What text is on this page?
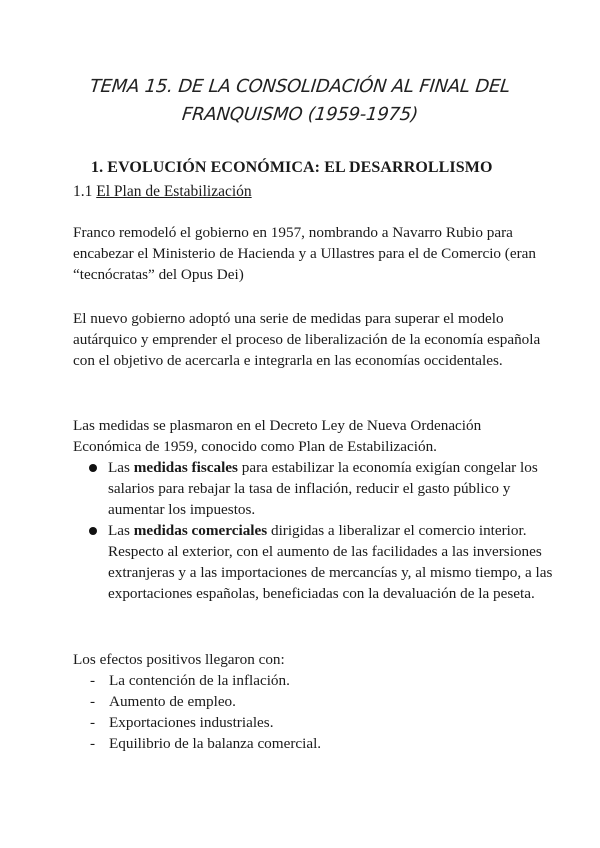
TEMA 15. DE LA CONSOLIDACIÓN AL FINAL DEL
FRANQUISMO (1959-1975)
1. EVOLUCIÓN ECONÓMICA: EL DESARROLLISMO
1.1 El Plan de Estabilización

Franco remodeló el gobierno en 1957, nombrando a Navarro Rubio para encabezar el Ministerio de Hacienda y a Ullastres para el de Comercio (eran “tecnócratas” del Opus Dei)

El nuevo gobierno adoptó una serie de medidas para superar el modelo autárquico y emprender el proceso de liberalización de la economía española con el objetivo de acercarla e integrarla en las economías occidentales.

Las medidas se plasmaron en el Decreto Ley de Nueva Ordenación Económica de 1959, conocido como Plan de Estabilización.

Las medidas fiscales para estabilizar la economía exigían congelar los salarios para rebajar la tasa de inflación, reducir el gasto público y aumentar los impuestos.
Las medidas comerciales dirigidas a liberalizar el comercio interior. Respecto al exterior, con el aumento de las facilidades a las inversiones extranjeras y a las importaciones de mercancías y, al mismo tiempo, a las exportaciones españolas, beneficiadas con la devaluación de la peseta.

Los efectos positivos llegaron con:

- La contención de la inflación.
- Aumento de empleo.
- Exportaciones industriales.
- Equilibrio de la balanza comercial.
